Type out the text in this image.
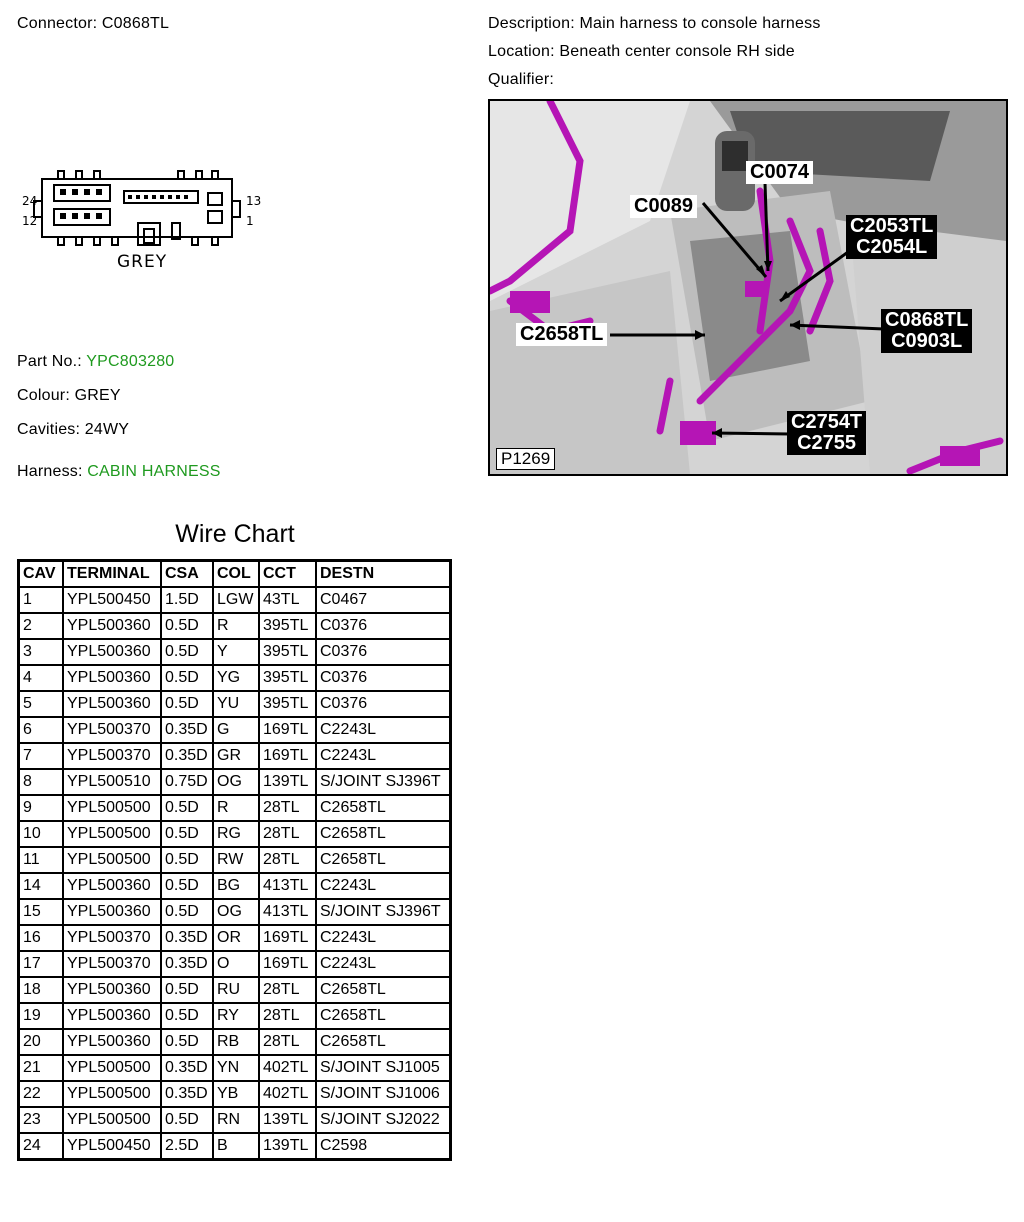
Connector: C0868TL	Description: Main harness to console harness
Location: Beneath center console RH side
Qualifier:
24
12
13
1
GREY
Part No.: YPC803280
Colour: GREY
Cavities: 24WY
Harness: CABIN HARNESS
C0074
C0089
C2053TL
C2054L
C2658TL
C0868TL
C0903L
C2754T
C2755
P1269
Wire Chart
CAV	TERMINAL	CSA	COL	CCT	DESTN
1	YPL500450	1.5D	LGW	43TL	C0467
2	YPL500360	0.5D	R	395TL	C0376
3	YPL500360	0.5D	Y	395TL	C0376
4	YPL500360	0.5D	YG	395TL	C0376
5	YPL500360	0.5D	YU	395TL	C0376
6	YPL500370	0.35D	G	169TL	C2243L
7	YPL500370	0.35D	GR	169TL	C2243L
8	YPL500510	0.75D	OG	139TL	S/JOINT SJ396T
9	YPL500500	0.5D	R	28TL	C2658TL
10	YPL500500	0.5D	RG	28TL	C2658TL
11	YPL500500	0.5D	RW	28TL	C2658TL
14	YPL500360	0.5D	BG	413TL	C2243L
15	YPL500360	0.5D	OG	413TL	S/JOINT SJ396T
16	YPL500370	0.35D	OR	169TL	C2243L
17	YPL500370	0.35D	O	169TL	C2243L
18	YPL500360	0.5D	RU	28TL	C2658TL
19	YPL500360	0.5D	RY	28TL	C2658TL
20	YPL500360	0.5D	RB	28TL	C2658TL
21	YPL500500	0.35D	YN	402TL	S/JOINT SJ1005
22	YPL500500	0.35D	YB	402TL	S/JOINT SJ1006
23	YPL500500	0.5D	RN	139TL	S/JOINT SJ2022
24	YPL500450	2.5D	B	139TL	C2598
